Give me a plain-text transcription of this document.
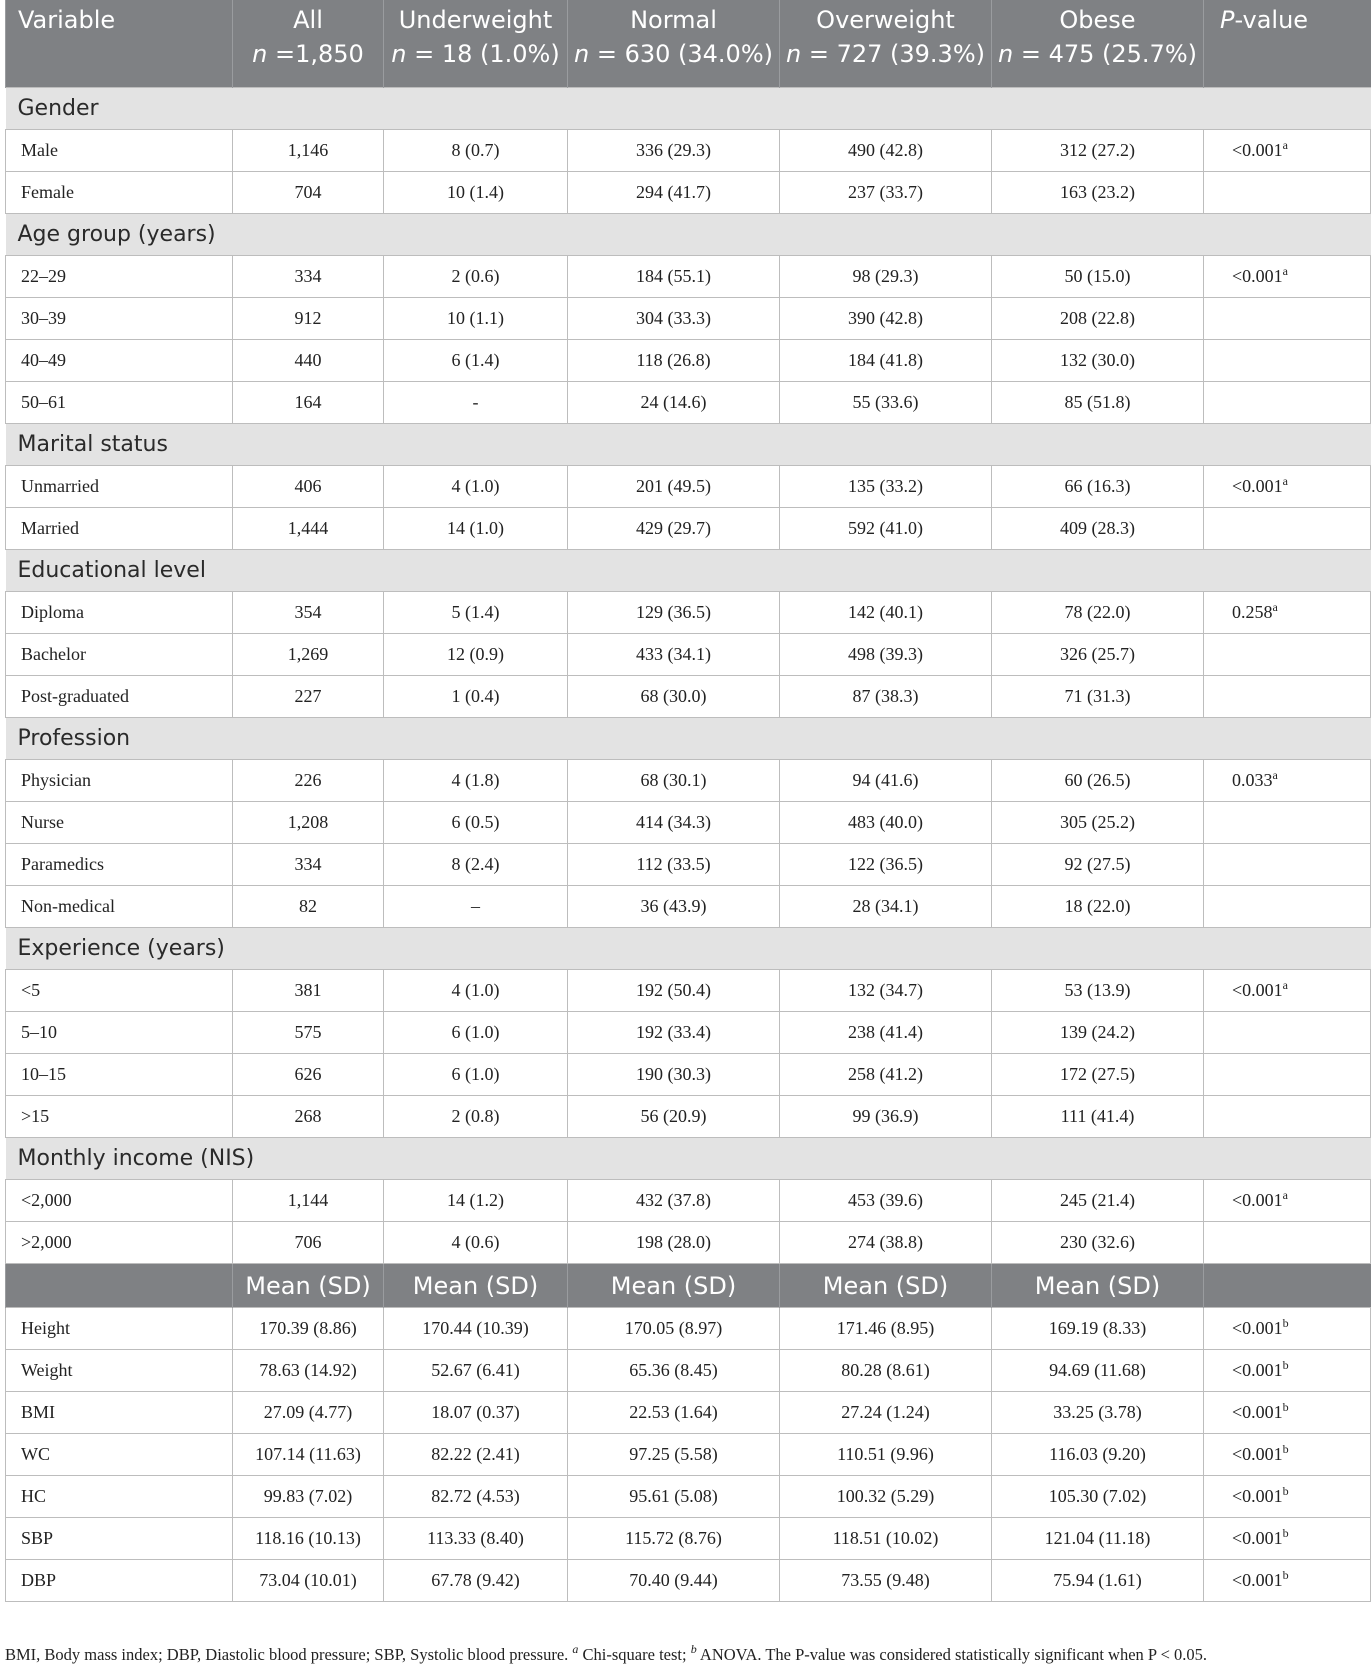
Variable	All	Underweight	Normal	Overweight	Obese	P-value
	n =1,850	n = 18 (1.0%)	n = 630 (34.0%)	n = 727 (39.3%)	n = 475 (25.7%)	
Gender						
Male	1,146	8 (0.7)	336 (29.3)	490 (42.8)	312 (27.2)	<0.001$^a$
Female	704	10 (1.4)	294 (41.7)	237 (33.7)	163 (23.2)	
Age group (years)						
22–29	334	2 (0.6)	184 (55.1)	98 (29.3)	50 (15.0)	<0.001$^a$
30–39	912	10 (1.1)	304 (33.3)	390 (42.8)	208 (22.8)	
40–49	440	6 (1.4)	118 (26.8)	184 (41.8)	132 (30.0)	
50–61	164	-	24 (14.6)	55 (33.6)	85 (51.8)	
Marital status						
Unmarried	406	4 (1.0)	201 (49.5)	135 (33.2)	66 (16.3)	<0.001$^a$
Married	1,444	14 (1.0)	429 (29.7)	592 (41.0)	409 (28.3)	
Educational level						
Diploma	354	5 (1.4)	129 (36.5)	142 (40.1)	78 (22.0)	0.258$^a$
Bachelor	1,269	12 (0.9)	433 (34.1)	498 (39.3)	326 (25.7)	
Post-graduated	227	1 (0.4)	68 (30.0)	87 (38.3)	71 (31.3)	
Profession						
Physician	226	4 (1.8)	68 (30.1)	94 (41.6)	60 (26.5)	0.033$^a$
Nurse	1,208	6 (0.5)	414 (34.3)	483 (40.0)	305 (25.2)	
Paramedics	334	8 (2.4)	112 (33.5)	122 (36.5)	92 (27.5)	
Non-medical	82	–	36 (43.9)	28 (34.1)	18 (22.0)	
Experience (years)						
<5	381	4 (1.0)	192 (50.4)	132 (34.7)	53 (13.9)	<0.001$^a$
5–10	575	6 (1.0)	192 (33.4)	238 (41.4)	139 (24.2)	
10–15	626	6 (1.0)	190 (30.3)	258 (41.2)	172 (27.5)	
>15	268	2 (0.8)	56 (20.9)	99 (36.9)	111 (41.4)	
Monthly income (NIS)						
<2,000	1,144	14 (1.2)	432 (37.8)	453 (39.6)	245 (21.4)	<0.001$^a$
>2,000	706	4 (0.6)	198 (28.0)	274 (38.8)	230 (32.6)	
	Mean (SD)	Mean (SD)	Mean (SD)	Mean (SD)	Mean (SD)	
Height	170.39 (8.86)	170.44 (10.39)	170.05 (8.97)	171.46 (8.95)	169.19 (8.33)	<0.001$^b$
Weight	78.63 (14.92)	52.67 (6.41)	65.36 (8.45)	80.28 (8.61)	94.69 (11.68)	<0.001$^b$
BMI	27.09 (4.77)	18.07 (0.37)	22.53 (1.64)	27.24 (1.24)	33.25 (3.78)	<0.001$^b$
WC	107.14 (11.63)	82.22 (2.41)	97.25 (5.58)	110.51 (9.96)	116.03 (9.20)	<0.001$^b$
HC	99.83 (7.02)	82.72 (4.53)	95.61 (5.08)	100.32 (5.29)	105.30 (7.02)	<0.001$^b$
SBP	118.16 (10.13)	113.33 (8.40)	115.72 (8.76)	118.51 (10.02)	121.04 (11.18)	<0.001$^b$
DBP	73.04 (10.01)	67.78 (9.42)	70.40 (9.44)	73.55 (9.48)	75.94 (1.61)	<0.001$^b$
BMI, Body mass index; DBP, Diastolic blood pressure; SBP, Systolic blood pressure. $^a$ Chi-square test; $^b$ ANOVA. The P-value was considered statistically significant when P < 0.05.
